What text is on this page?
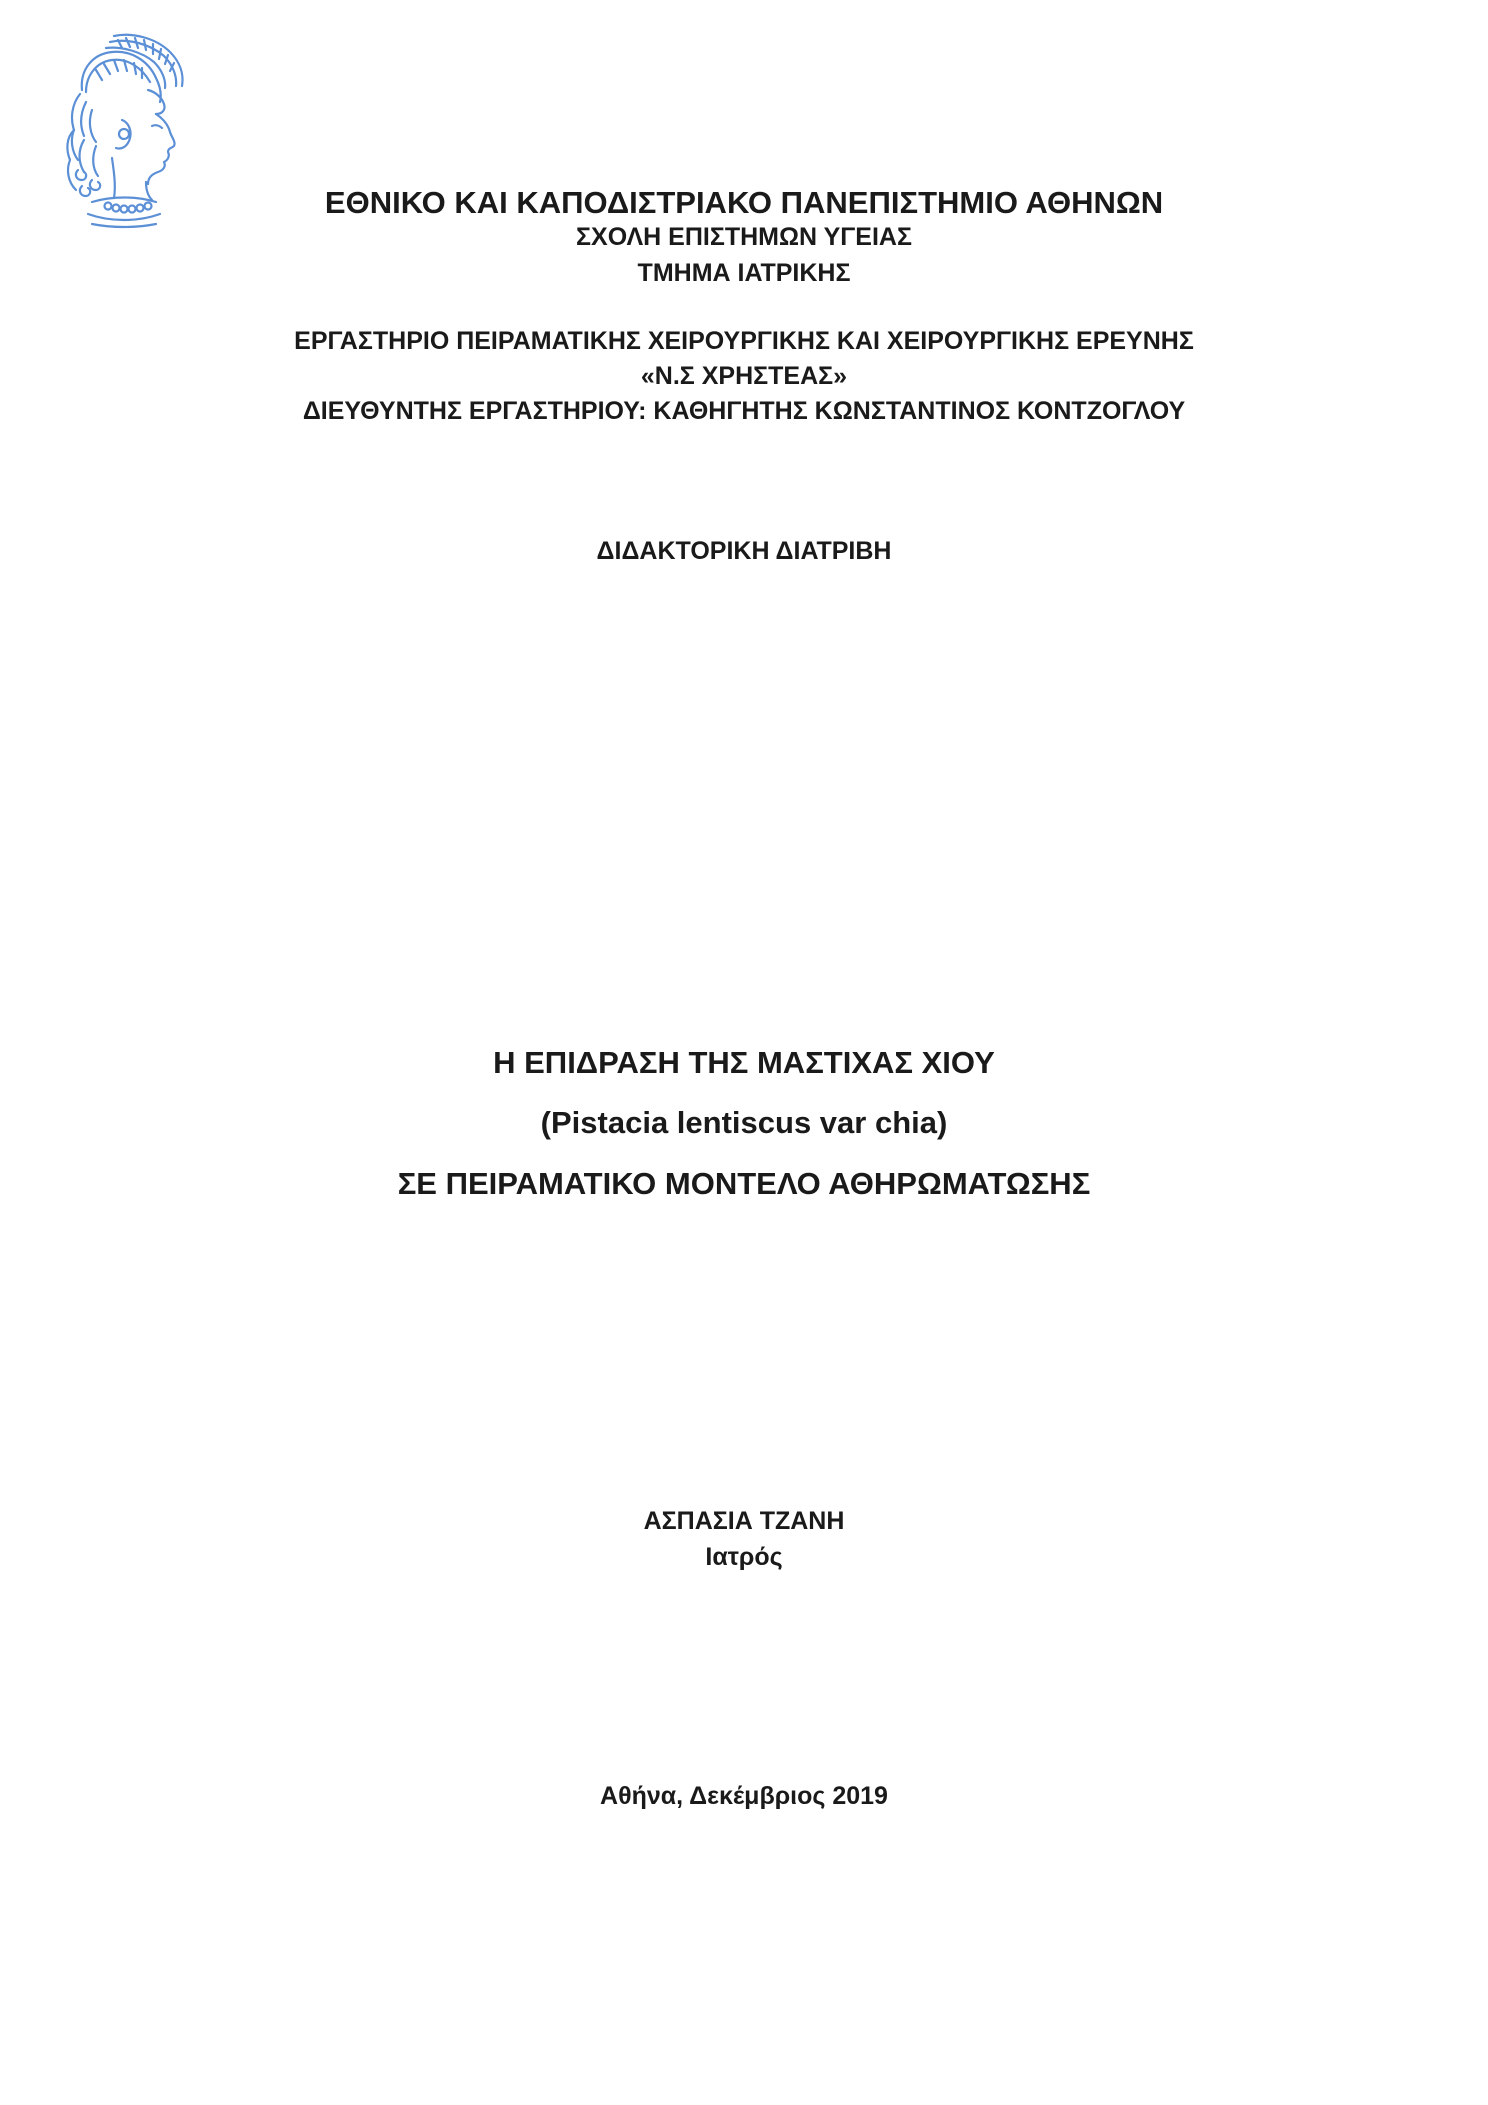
ΕΘΝΙΚΟ ΚΑΙ ΚΑΠΟΔΙΣΤΡΙΑΚΟ ΠΑΝΕΠΙΣΤΗΜΙΟ ΑΘΗΝΩΝ
ΣΧΟΛΗ ΕΠΙΣΤΗΜΩΝ ΥΓΕΙΑΣ
ΤΜΗΜΑ ΙΑΤΡΙΚΗΣ
ΕΡΓΑΣΤΗΡΙΟ ΠΕΙΡΑΜΑΤΙΚΗΣ ΧΕΙΡΟΥΡΓΙΚΗΣ ΚΑΙ ΧΕΙΡΟΥΡΓΙΚΗΣ ΕΡΕΥΝΗΣ
«Ν.Σ ΧΡΗΣΤΕΑΣ»
ΔΙΕΥΘΥΝΤΗΣ ΕΡΓΑΣΤΗΡΙΟΥ: ΚΑΘΗΓΗΤΗΣ ΚΩΝΣΤΑΝΤΙΝΟΣ ΚΟΝΤΖΟΓΛΟΥ
ΔΙΔΑΚΤΟΡΙΚΗ ΔΙΑΤΡΙΒΗ
Η ΕΠΙΔΡΑΣΗ ΤΗΣ ΜΑΣΤΙΧΑΣ ΧΙΟΥ
(Pistacia lentiscus var chia)
ΣΕ ΠΕΙΡΑΜΑΤΙΚΟ ΜΟΝΤΕΛΟ ΑΘΗΡΩΜΑΤΩΣΗΣ
ΑΣΠΑΣΙΑ ΤΖΑΝΗ
Ιατρός
Αθήνα, Δεκέμβριος 2019
